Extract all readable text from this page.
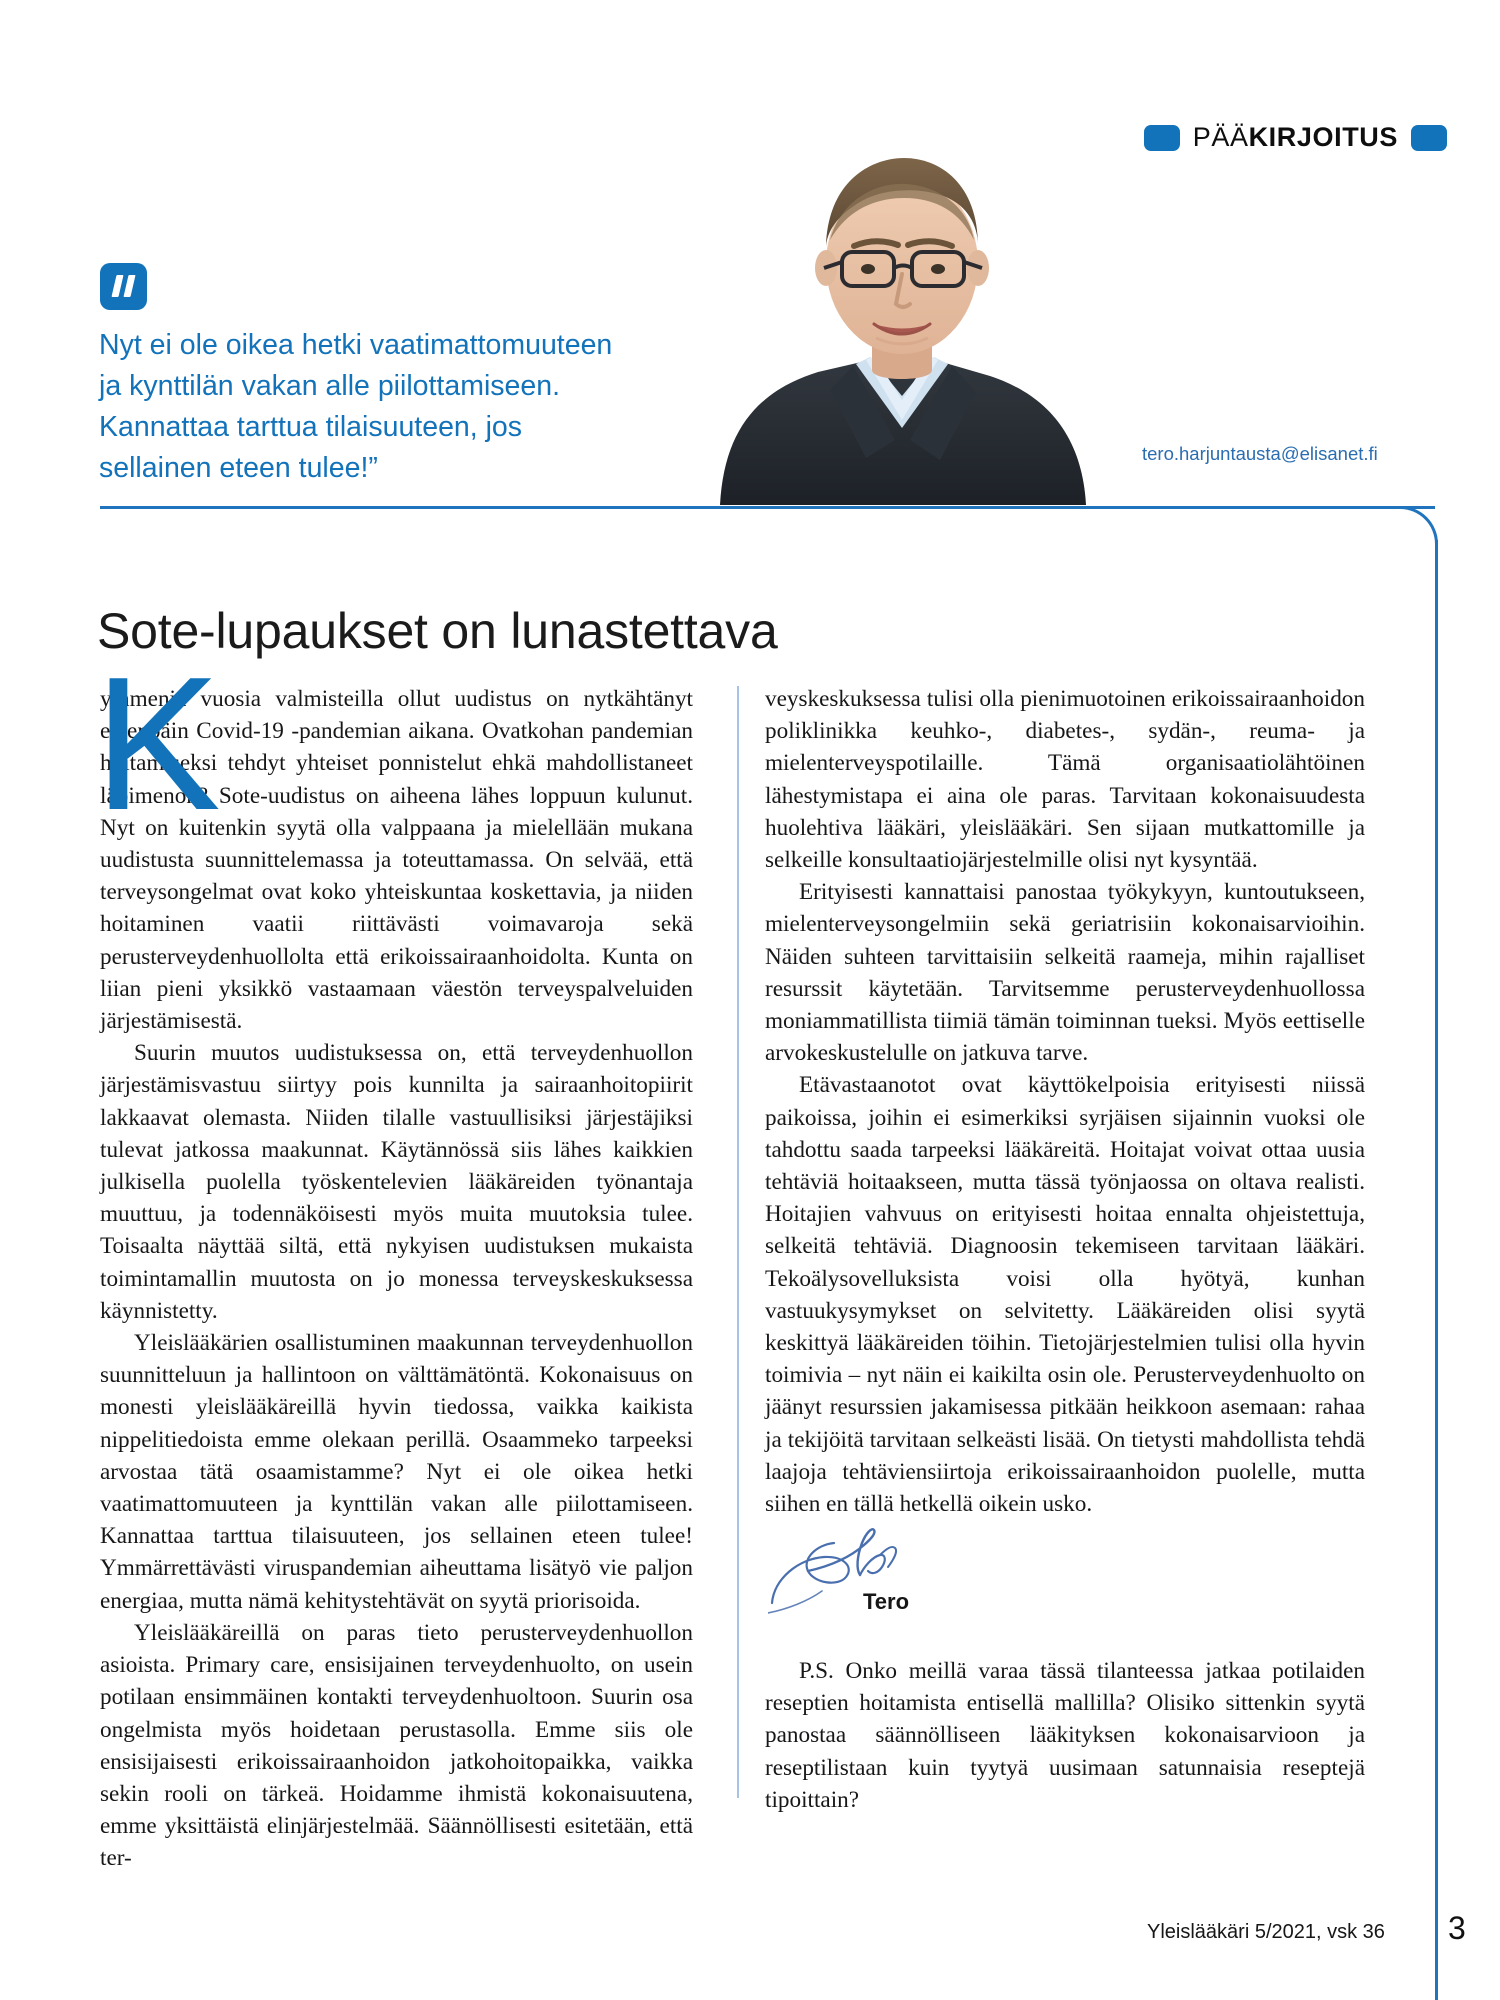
PÄÄKIRJOITUS
Nyt ei ole oikea hetki vaatimattomuuteen
ja kynttilän vakan alle piilottamiseen.
Kannattaa tarttua tilaisuuteen, jos
sellainen eteen tulee!”	tero.harjuntausta@elisanet.fi
Sote-lupaukset on lunastettava
K

ymmeniä vuosia valmisteilla ollut uudistus on nytkähtänyt eteenpäin Covid-19 -pandemian aikana. Ovatkohan pandemian hoitamiseksi tehdyt yhteiset ponnistelut ehkä mahdollistaneet läpimenon? Sote-uudistus on aiheena lähes loppuun kulunut. Nyt on kuitenkin syytä olla valppaana ja mielellään mukana uudistusta suunnittelemassa ja toteuttamassa. On selvää, että terveysongelmat ovat koko yhteiskuntaa koskettavia, ja niiden hoitaminen vaatii riittävästi voimavaroja sekä perusterveydenhuollolta että erikoissairaanhoidolta. Kunta on liian pieni yksikkö vastaamaan väestön terveyspalveluiden järjestämisestä.

Suurin muutos uudistuksessa on, että terveydenhuollon järjestämisvastuu siirtyy pois kunnilta ja sairaanhoitopiirit lakkaavat olemasta. Niiden tilalle vastuullisiksi järjestäjiksi tulevat jatkossa maakunnat. Käytännössä siis lähes kaikkien julkisella puolella työskentelevien lääkäreiden työnantaja muuttuu, ja todennäköisesti myös muita muutoksia tulee. Toisaalta näyttää siltä, että nykyisen uudistuksen mukaista toimintamallin muutosta on jo monessa terveyskeskuksessa käynnistetty.

Yleislääkärien osallistuminen maakunnan terveydenhuollon suunnitteluun ja hallintoon on välttämätöntä. Kokonaisuus on monesti yleislääkäreillä hyvin tiedossa, vaikka kaikista nippelitiedoista emme olekaan perillä. Osaammeko tarpeeksi arvostaa tätä osaamistamme? Nyt ei ole oikea hetki vaatimattomuuteen ja kynttilän vakan alle piilottamiseen. Kannattaa tarttua tilaisuuteen, jos sellainen eteen tulee! Ymmärrettävästi viruspandemian aiheuttama lisätyö vie paljon energiaa, mutta nämä kehitystehtävät on syytä priorisoida.

Yleislääkäreillä on paras tieto perusterveydenhuollon asioista. Primary care, ensisijainen terveydenhuolto, on usein potilaan ensimmäinen kontakti terveydenhuoltoon. Suurin osa ongelmista myös hoidetaan perustasolla. Emme siis ole ensisijaisesti erikoissairaanhoidon jatkohoitopaikka, vaikka sekin rooli on tärkeä. Hoidamme ihmistä kokonaisuutena, emme yksittäistä elinjärjestelmää. Säännöllisesti esitetään, että ter-

veyskeskuksessa tulisi olla pienimuotoinen erikoissairaanhoidon poliklinikka keuhko-, diabetes-, sydän-, reuma- ja mielenterveyspotilaille. Tämä organisaatiolähtöinen lähestymistapa ei aina ole paras. Tarvitaan kokonaisuudesta huolehtiva lääkäri, yleislääkäri. Sen sijaan mutkattomille ja selkeille konsultaatiojärjestelmille olisi nyt kysyntää.

Erityisesti kannattaisi panostaa työkykyyn, kuntoutukseen, mielenterveysongelmiin sekä geriatrisiin kokonaisarvioihin. Näiden suhteen tarvittaisiin selkeitä raameja, mihin rajalliset resurssit käytetään. Tarvitsemme perusterveydenhuollossa moniammatillista tiimiä tämän toiminnan tueksi. Myös eettiselle arvokeskustelulle on jatkuva tarve.

Etävastaanotot ovat käyttökelpoisia erityisesti niissä paikoissa, joihin ei esimerkiksi syrjäisen sijainnin vuoksi ole tahdottu saada tarpeeksi lääkäreitä. Hoitajat voivat ottaa uusia tehtäviä hoitaakseen, mutta tässä työnjaossa on oltava realisti. Hoitajien vahvuus on erityisesti hoitaa ennalta ohjeistettuja, selkeitä tehtäviä. Diagnoosin tekemiseen tarvitaan lääkäri. Tekoälysovelluksista voisi olla hyötyä, kunhan vastuukysymykset on selvitetty. Lääkäreiden olisi syytä keskittyä lääkäreiden töihin. Tietojärjestelmien tulisi olla hyvin toimivia – nyt näin ei kaikilta osin ole. Perusterveydenhuolto on jäänyt resurssien jakamisessa pitkään heikkoon asemaan: rahaa ja tekijöitä tarvitaan selkeästi lisää. On tietysti mahdollista tehdä laajoja tehtäviensiirtoja erikoissairaanhoidon puolelle, mutta siihen en tällä hetkellä oikein usko.

Tero

P.S. Onko meillä varaa tässä tilanteessa jatkaa potilaiden reseptien hoitamista entisellä mallilla? Olisiko sittenkin syytä panostaa säännölliseen lääkityksen kokonaisarvioon ja reseptilistaan kuin tyytyä uusimaan satunnaisia reseptejä tipoittain?

Yleislääkäri 5/2021, vsk 36 3
